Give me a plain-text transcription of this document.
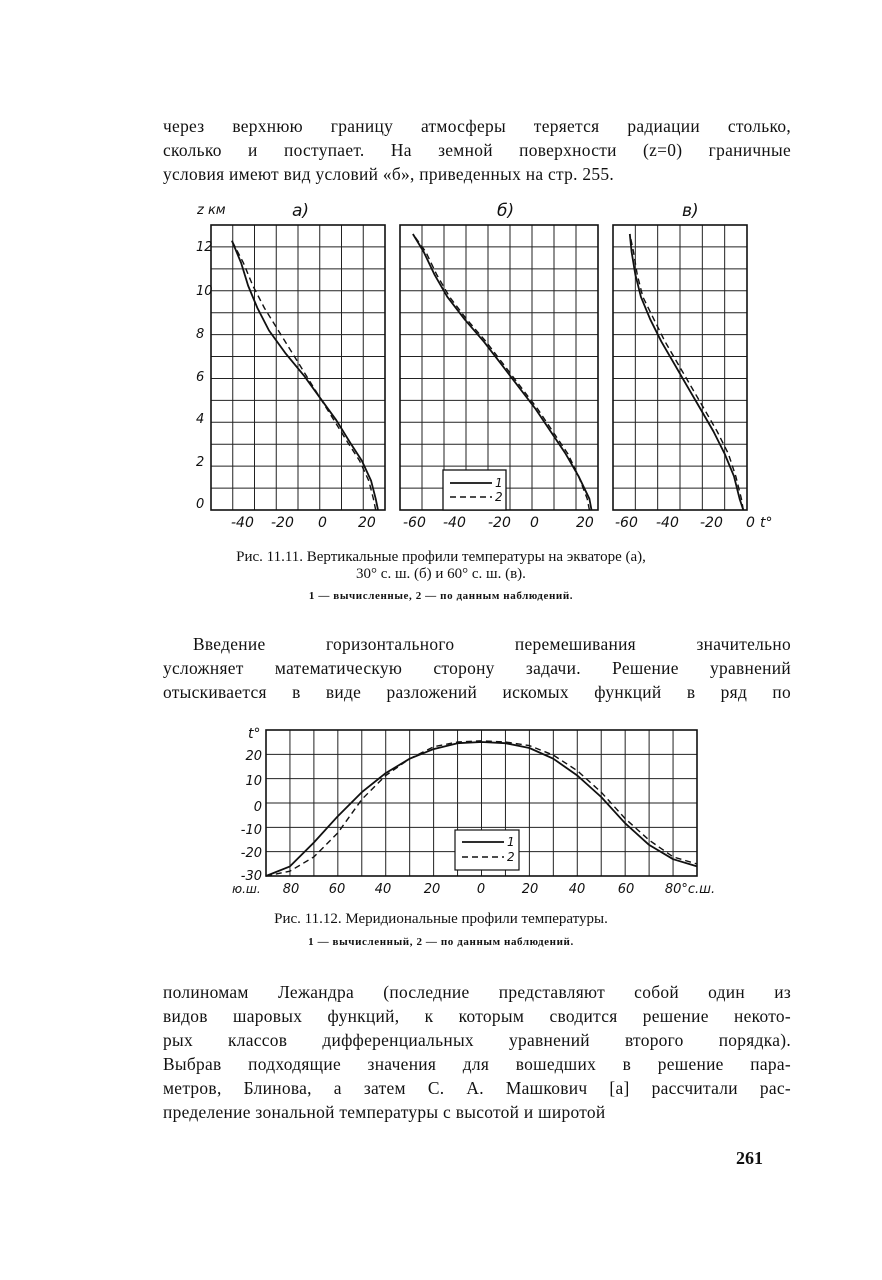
через верхнюю границу атмосферы теряется радиации столько,
сколько и поступает. На земной поверхности (z=0) граничные
условия имеют вид условий «б», приведенных на стр. 255.
а)	б)	в)
12
10
8
6
4
2
0
z км
-40 -20 0 20 -60 -40 -20 0	20 -60 -40 -20 0 t°
1
2

Рис. 11.11. Вертикальные профили температуры на экваторе (а),

30° с. ш. (б) и 60° с. ш. (в).

1 — вычисленные, 2 — по данным наблюдений.

Введение горизонтального перемешивания значительно
усложняет математическую сторону задачи. Решение уравнений
отыскивается в виде разложений искомых функций в ряд по
20
10
0
-10
-20
-30
t°
80 60 40 20	0	20 40 60 80°с.ш.
ю.ш.
1
2

Рис. 11.12. Меридиональные профили температуры.

1 — вычисленный, 2 — по данным наблюдений.

полиномам Лежандра (последние представляют собой один из
видов шаровых функций, к которым сводится решение некото-
рых классов дифференциальных уравнений второго порядка).
Выбрав подходящие значения для вошедших в решение пара-
метров, Блинова, а затем С. А. Машкович [а] рассчитали рас-
пределение зональной температуры с высотой и широтой

261
